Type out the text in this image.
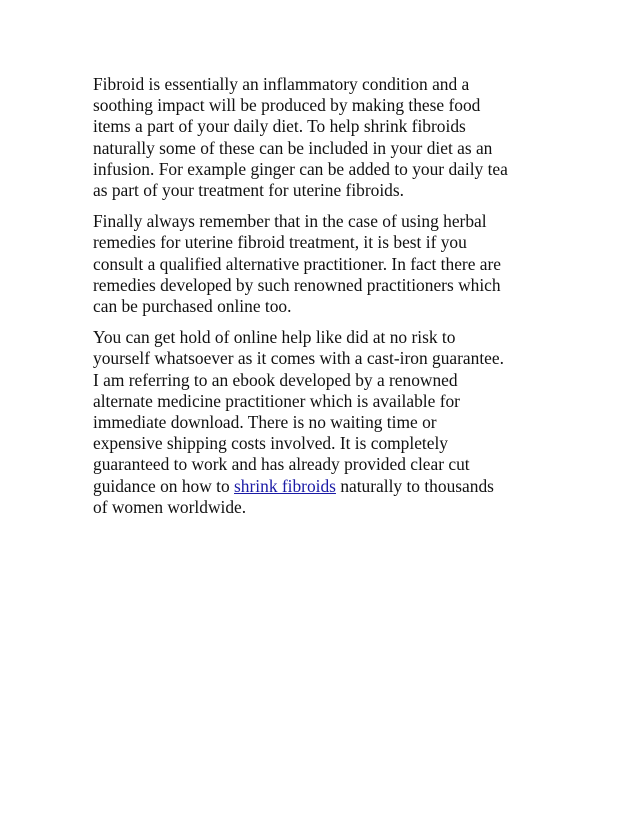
Fibroid is essentially an inflammatory condition and a
soothing impact will be produced by making these food
items a part of your daily diet. To help shrink fibroids
naturally some of these can be included in your diet as an
infusion. For example ginger can be added to your daily tea
as part of your treatment for uterine fibroids.

Finally always remember that in the case of using herbal
remedies for uterine fibroid treatment, it is best if you
consult a qualified alternative practitioner. In fact there are
remedies developed by such renowned practitioners which
can be purchased online too.

You can get hold of online help like did at no risk to
yourself whatsoever as it comes with a cast-iron guarantee.
I am referring to an ebook developed by a renowned
alternate medicine practitioner which is available for
immediate download. There is no waiting time or
expensive shipping costs involved. It is completely
guaranteed to work and has already provided clear cut
guidance on how to shrink fibroids naturally to thousands
of women worldwide.
